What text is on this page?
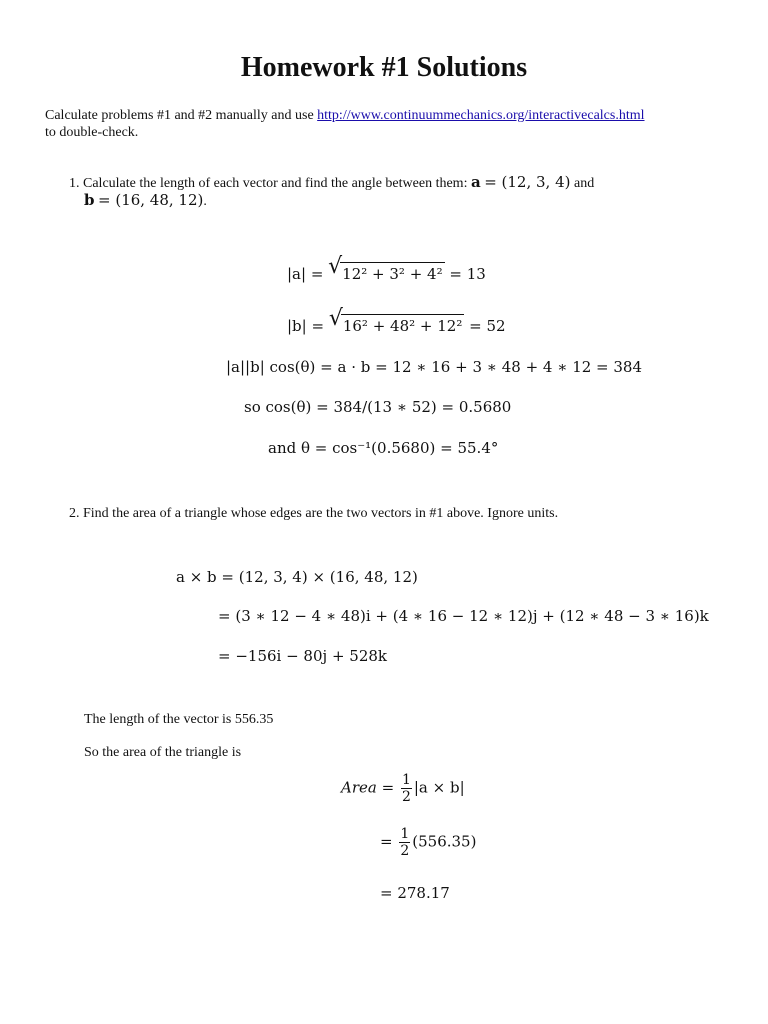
Homework #1 Solutions
Calculate problems #1 and #2 manually and use http://www.continuummechanics.org/interactivecalcs.html
to double-check.
1. Calculate the length of each vector and find the angle between them: a = (12, 3, 4) and
b = (16, 48, 12).
|a| = √ 12² + 3² + 4² = 13
|b| = √ 16² + 48² + 12² = 52
|a||b| cos(θ) = a · b = 12 ∗ 16 + 3 ∗ 48 + 4 ∗ 12 = 384
so cos(θ) = 384/(13 ∗ 52) = 0.5680
and θ = cos⁻¹(0.5680) = 55.4°
2. Find the area of a triangle whose edges are the two vectors in #1 above. Ignore units.
a × b = (12, 3, 4) × (16, 48, 12)
= (3 ∗ 12 − 4 ∗ 48)i + (4 ∗ 16 − 12 ∗ 12)j + (12 ∗ 48 − 3 ∗ 16)k
= −156i − 80j + 528k
The length of the vector is 556.35
So the area of the triangle is
Area = $\frac{1}{2} |a \times b|$
= $\frac{1}{2} (556.35)$
= 278.17
